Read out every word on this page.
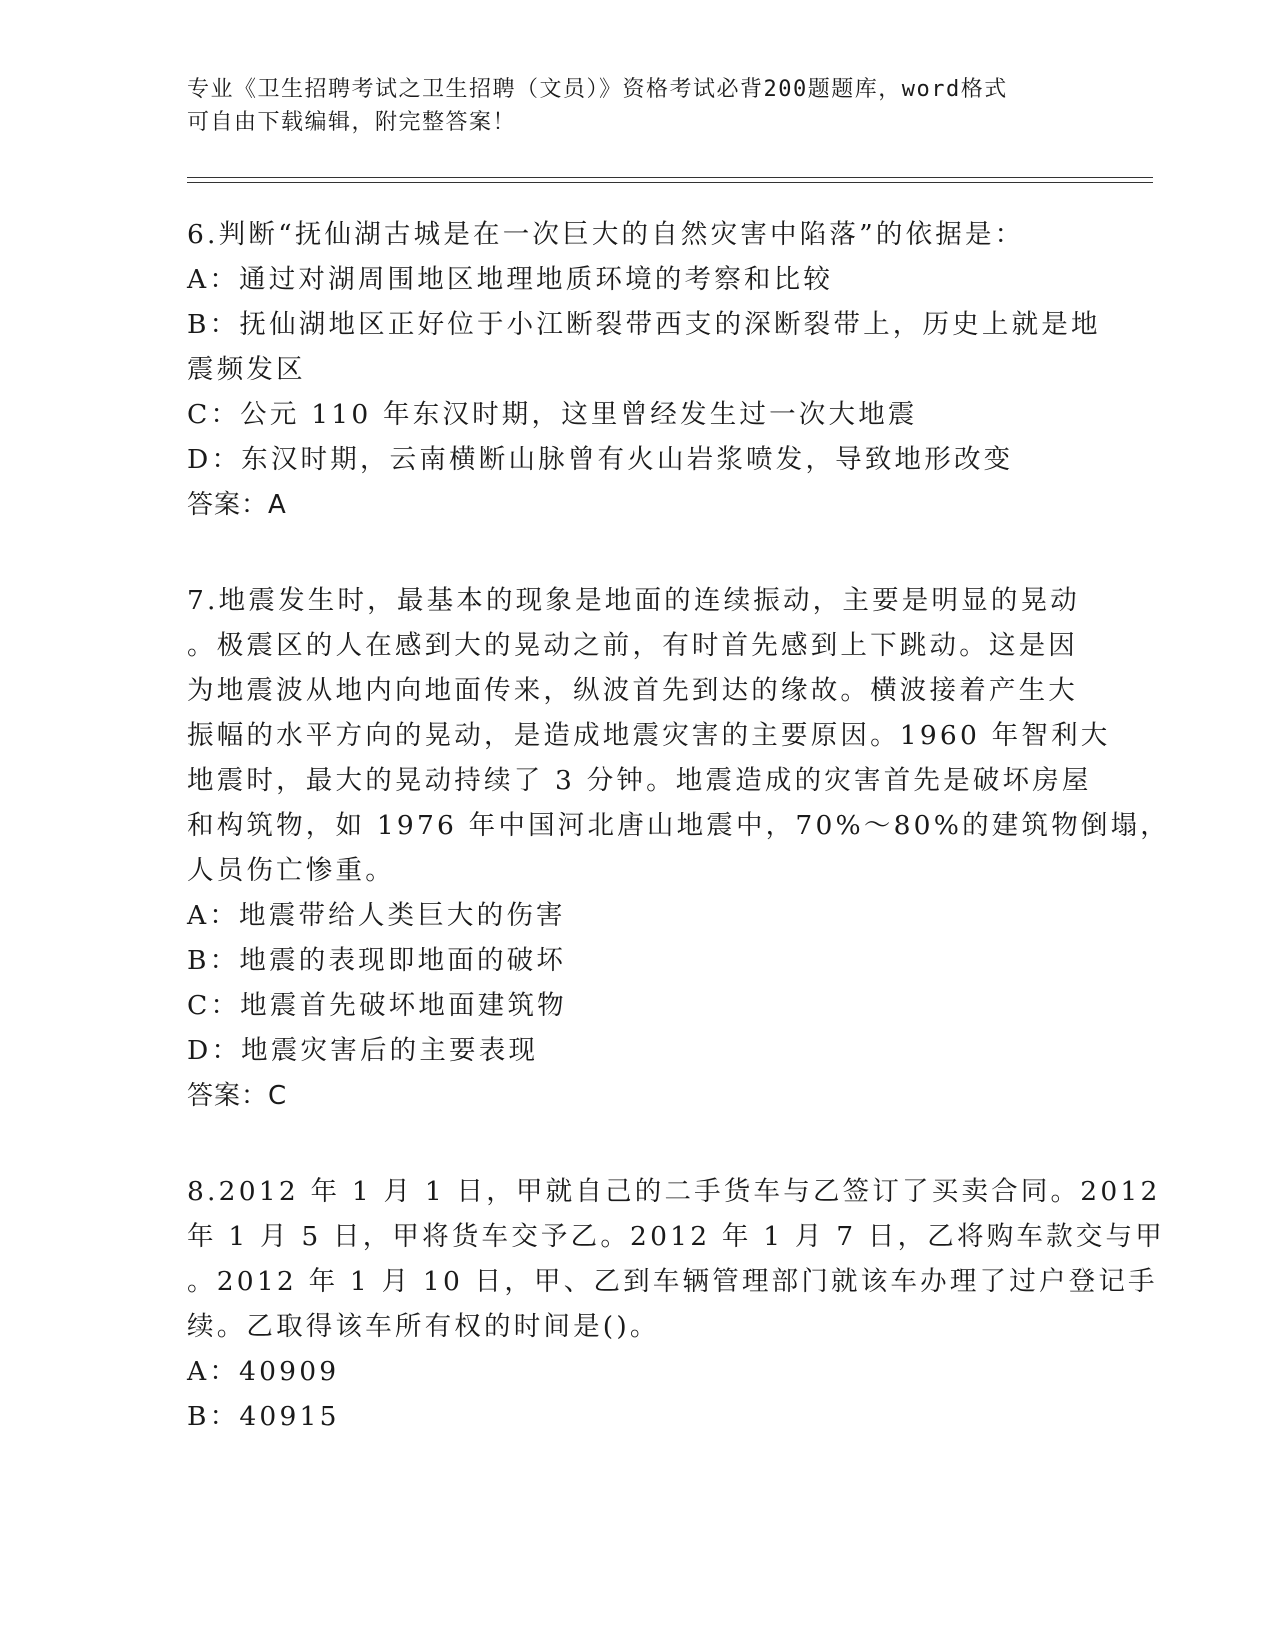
专业《卫生招聘考试之卫生招聘（文员）》资格考试必背200题题库，word格式
可自由下载编辑，附完整答案！
6.判断“抚仙湖古城是在一次巨大的自然灾害中陷落”的依据是：
A：通过对湖周围地区地理地质环境的考察和比较
B：抚仙湖地区正好位于小江断裂带西支的深断裂带上，历史上就是地
震频发区
C：公元 110 年东汉时期，这里曾经发生过一次大地震
D：东汉时期，云南横断山脉曾有火山岩浆喷发，导致地形改变
答案：A
7.地震发生时，最基本的现象是地面的连续振动，主要是明显的晃动
。极震区的人在感到大的晃动之前，有时首先感到上下跳动。这是因
为地震波从地内向地面传来，纵波首先到达的缘故。横波接着产生大
振幅的水平方向的晃动，是造成地震灾害的主要原因。1960 年智利大
地震时，最大的晃动持续了 3 分钟。地震造成的灾害首先是破坏房屋
和构筑物，如 1976 年中国河北唐山地震中，70%～80%的建筑物倒塌，
人员伤亡惨重。
A：地震带给人类巨大的伤害
B：地震的表现即地面的破坏
C：地震首先破坏地面建筑物
D：地震灾害后的主要表现
答案：C
8.2012 年 1 月 1 日，甲就自己的二手货车与乙签订了买卖合同。2012
年 1 月 5 日，甲将货车交予乙。2012 年 1 月 7 日，乙将购车款交与甲
。2012 年 1 月 10 日，甲、乙到车辆管理部门就该车办理了过户登记手
续。乙取得该车所有权的时间是()。
A：40909
B：40915
